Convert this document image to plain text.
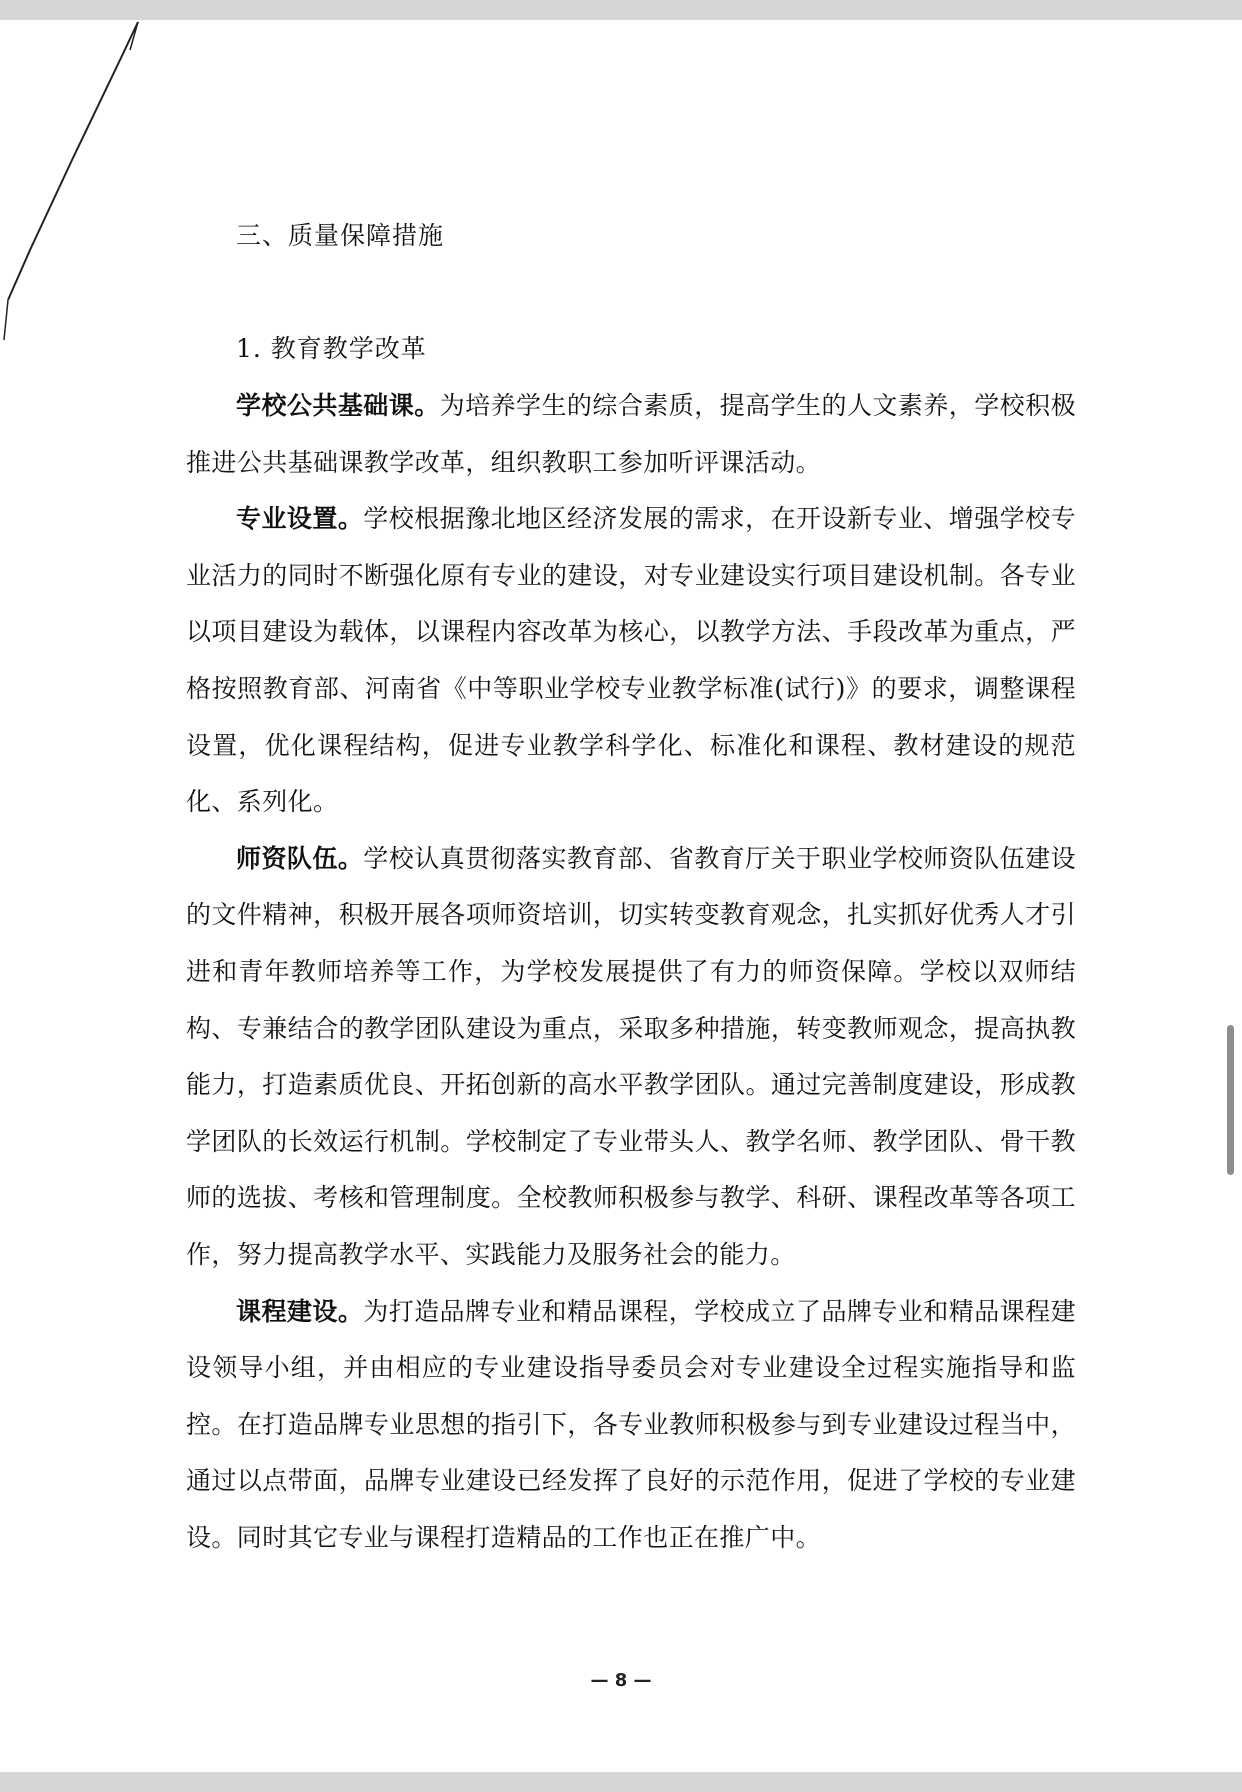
三、质量保障措施
1. 教育教学改革

学校公共基础课。为培养学生的综合素质，提高学生的人文素养，学校积极推进公共基础课教学改革，组织教职工参加听评课活动。

专业设置。学校根据豫北地区经济发展的需求，在开设新专业、增强学校专业活力的同时不断强化原有专业的建设，对专业建设实行项目建设机制。各专业以项目建设为载体，以课程内容改革为核心，以教学方法、手段改革为重点，严格按照教育部、河南省《中等职业学校专业教学标准(试行)》的要求，调整课程设置，优化课程结构，促进专业教学科学化、标准化和课程、教材建设的规范化、系列化。

师资队伍。学校认真贯彻落实教育部、省教育厅关于职业学校师资队伍建设的文件精神，积极开展各项师资培训，切实转变教育观念，扎实抓好优秀人才引进和青年教师培养等工作，为学校发展提供了有力的师资保障。学校以双师结构、专兼结合的教学团队建设为重点，采取多种措施，转变教师观念，提高执教能力，打造素质优良、开拓创新的高水平教学团队。通过完善制度建设，形成教学团队的长效运行机制。学校制定了专业带头人、教学名师、教学团队、骨干教师的选拔、考核和管理制度。全校教师积极参与教学、科研、课程改革等各项工作，努力提高教学水平、实践能力及服务社会的能力。

课程建设。为打造品牌专业和精品课程，学校成立了品牌专业和精品课程建设领导小组，并由相应的专业建设指导委员会对专业建设全过程实施指导和监控。在打造品牌专业思想的指引下，各专业教师积极参与到专业建设过程当中，通过以点带面，品牌专业建设已经发挥了良好的示范作用，促进了学校的专业建设。同时其它专业与课程打造精品的工作也正在推广中。

— 8 —
